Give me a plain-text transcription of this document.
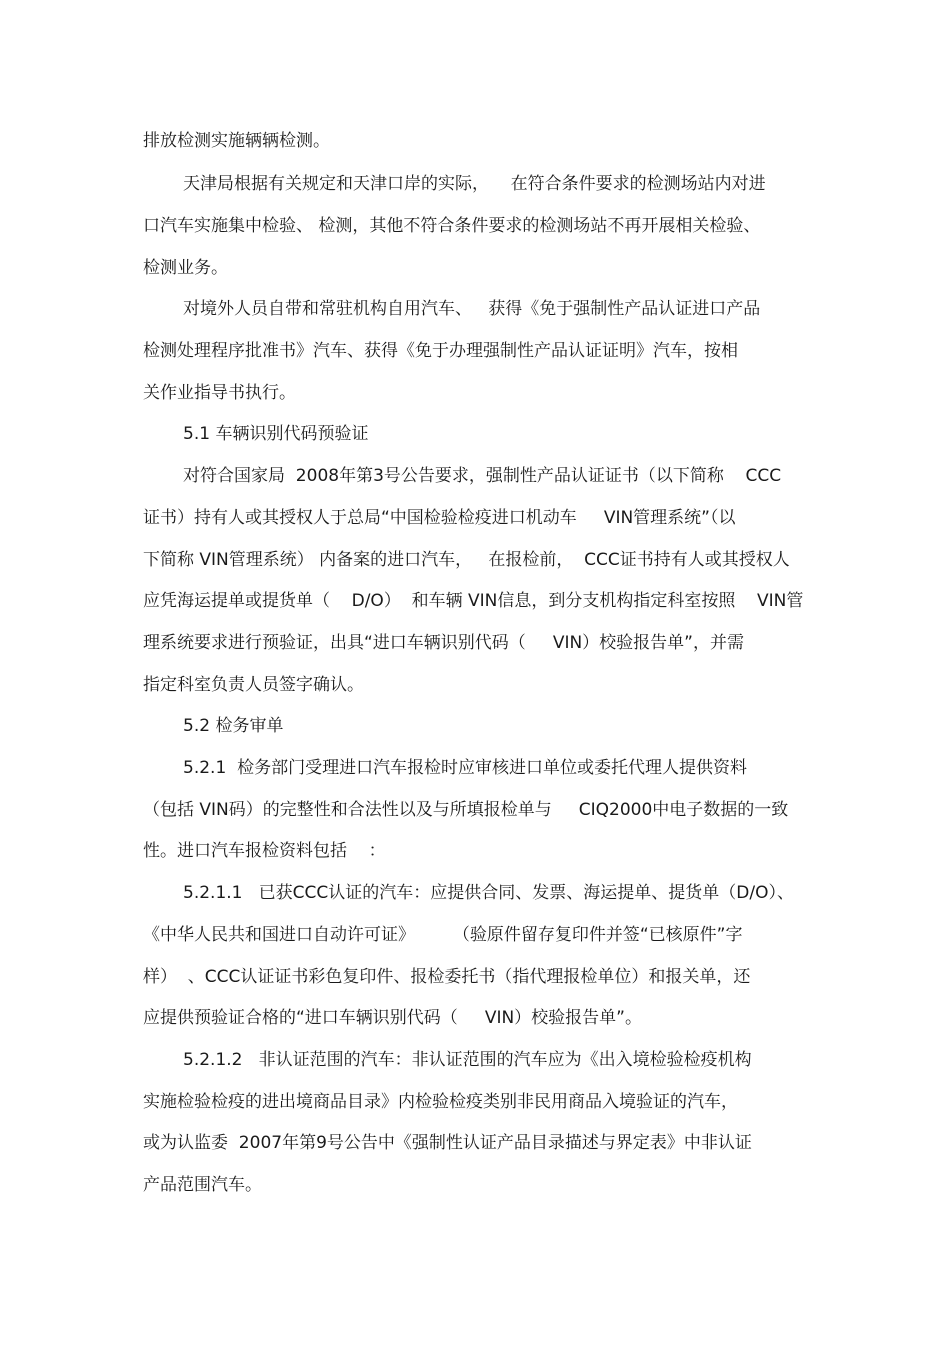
排放检测实施辆辆检测。
天津局根据有关规定和天津口岸的实际，    在符合条件要求的检测场站内对进
口汽车实施集中检验、 检测，其他不符合条件要求的检测场站不再开展相关检验、
检测业务。
对境外人员自带和常驻机构自用汽车、   获得《免于强制性产品认证进口产品
检测处理程序批准书》汽车、获得《免于办理强制性产品认证证明》汽车，按相
关作业指导书执行。
5.1 车辆识别代码预验证
对符合国家局  2008年第3号公告要求，强制性产品认证证书（以下简称    CCC
证书）持有人或其授权人于总局“中国检验检疫进口机动车     VIN管理系统”（以
下简称 VIN管理系统） 内备案的进口汽车，   在报检前，  CCC证书持有人或其授权人
应凭海运提单或提货单（    D/O）  和车辆 VIN信息，到分支机构指定科室按照    VIN管
理系统要求进行预验证，出具“进口车辆识别代码（     VIN）校验报告单”，并需
指定科室负责人员签字确认。
5.2 检务审单
5.2.1  检务部门受理进口汽车报检时应审核进口单位或委托代理人提供资料
（包括 VIN码）的完整性和合法性以及与所填报检单与     CIQ2000中电子数据的一致
性。进口汽车报检资料包括    ：
5.2.1.1   已获CCC认证的汽车：应提供合同、发票、海运提单、提货单（D/O）、
《中华人民共和国进口自动许可证》       （验原件留存复印件并签“已核原件”字
样）  、CCC认证证书彩色复印件、报检委托书（指代理报检单位）和报关单，还
应提供预验证合格的“进口车辆识别代码（     VIN）校验报告单”。
5.2.1.2   非认证范围的汽车：非认证范围的汽车应为《出入境检验检疫机构
实施检验检疫的进出境商品目录》内检验检疫类别非民用商品入境验证的汽车，
或为认监委  2007年第9号公告中《强制性认证产品目录描述与界定表》中非认证
产品范围汽车。
